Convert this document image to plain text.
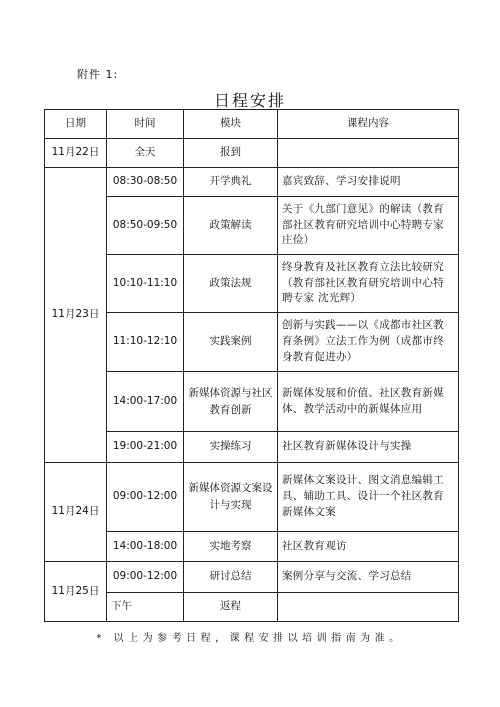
附件 1:
日程安排
日期	时间	模块	课程内容
11月22日	全天	报到	
11月23日	08:30-08:50	开学典礼	嘉宾致辞、学习安排说明
	08:50-09:50	政策解读	关于《九部门意见》的解读（教育部社区教育研究培训中心特聘专家 庄俭）
	10:10-11:10	政策法规	终身教育及社区教育立法比较研究（教育部社区教育研究培训中心特聘专家 沈光辉）
	11:10-12:10	实践案例	创新与实践——以《成都市社区教育条例》立法工作为例（成都市终身教育促进办）
	14:00-17:00	新媒体资源与社区教育创新	新媒体发展和价值、社区教育新媒体、教学活动中的新媒体应用
	19:00-21:00	实操练习	社区教育新媒体设计与实操
11月24日	09:00-12:00	新媒体资源文案设计与实现	新媒体文案设计、图文消息编辑工具、辅助工具、设计一个社区教育新媒体文案
	14:00-18:00	实地考察	社区教育观访
11月25日	09:00-12:00	研讨总结	案例分享与交流、学习总结
	下午	返程	
* 以上为参考日程，课程安排以培训指南为准。
